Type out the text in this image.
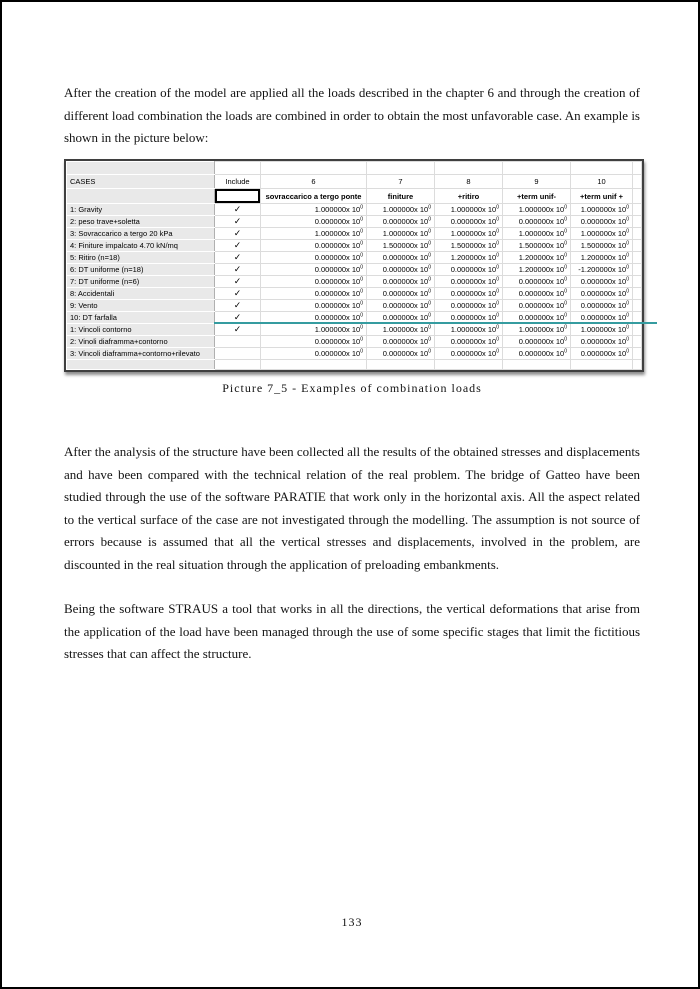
After the creation of the model are applied all the loads described in the chapter 6 and through the creation of different load combination the loads are combined in order to obtain the most unfavorable case. An example is shown in the picture below:

CASES	Include	6	7	8	9	10	
		sovraccarico a tergo ponte	finiture	+ritiro	+term unif-	+term unif +	
1: Gravity	✓	1.000000x $10^0$	1.000000x $10^0$	1.000000x $10^0$	1.000000x $10^0$	1.000000x $10^0$	
2: peso trave+soletta	✓	0.000000x $10^0$	0.000000x $10^0$	0.000000x $10^0$	0.000000x $10^0$	0.000000x $10^0$	
3: Sovraccarico a tergo 20 kPa	✓	1.000000x $10^0$	1.000000x $10^0$	1.000000x $10^0$	1.000000x $10^0$	1.000000x $10^0$	
4: Finiture impalcato 4.70 kN/mq	✓	0.000000x $10^0$	1.500000x $10^0$	1.500000x $10^0$	1.500000x $10^0$	1.500000x $10^0$	
5: Ritiro (n=18)	✓	0.000000x $10^0$	0.000000x $10^0$	1.200000x $10^0$	1.200000x $10^0$	1.200000x $10^0$	
6: DT uniforme (n=18)	✓	0.000000x $10^0$	0.000000x $10^0$	0.000000x $10^0$	1.200000x $10^0$	-1.200000x $10^0$	
7: DT uniforme (n=6)	✓	0.000000x $10^0$	0.000000x $10^0$	0.000000x $10^0$	0.000000x $10^0$	0.000000x $10^0$	
8: Accidentali	✓	0.000000x $10^0$	0.000000x $10^0$	0.000000x $10^0$	0.000000x $10^0$	0.000000x $10^0$	
9: Vento	✓	0.000000x $10^0$	0.000000x $10^0$	0.000000x $10^0$	0.000000x $10^0$	0.000000x $10^0$	
10: DT farfalla	✓	0.000000x $10^0$	0.000000x $10^0$	0.000000x $10^0$	0.000000x $10^0$	0.000000x $10^0$	
1: Vincoli contorno	✓	1.000000x $10^0$	1.000000x $10^0$	1.000000x $10^0$	1.000000x $10^0$	1.000000x $10^0$	
2: Vinoli diaframma+contorno		0.000000x $10^0$	0.000000x $10^0$	0.000000x $10^0$	0.000000x $10^0$	0.000000x $10^0$	
3: Vincoli diaframma+contorno+rilevato		0.000000x $10^0$	0.000000x $10^0$	0.000000x $10^0$	0.000000x $10^0$	0.000000x $10^0$	

Picture 7_5 - Examples of combination loads

After the analysis of the structure have been collected all the results of the obtained stresses and displacements and have been compared with the technical relation of the real problem. The bridge of Gatteo have been studied through the use of the software PARATIE that work only in the horizontal axis. All the aspect related to the vertical surface of the case are not investigated through the modelling. The assumption is not source of errors because is assumed that all the vertical stresses and displacements, involved in the problem, are discounted in the real situation through the application of preloading embankments.

Being the software STRAUS a tool that works in all the directions, the vertical deformations that arise from the application of the load have been managed through the use of some specific stages that limit the fictitious stresses that can affect the structure.

133
